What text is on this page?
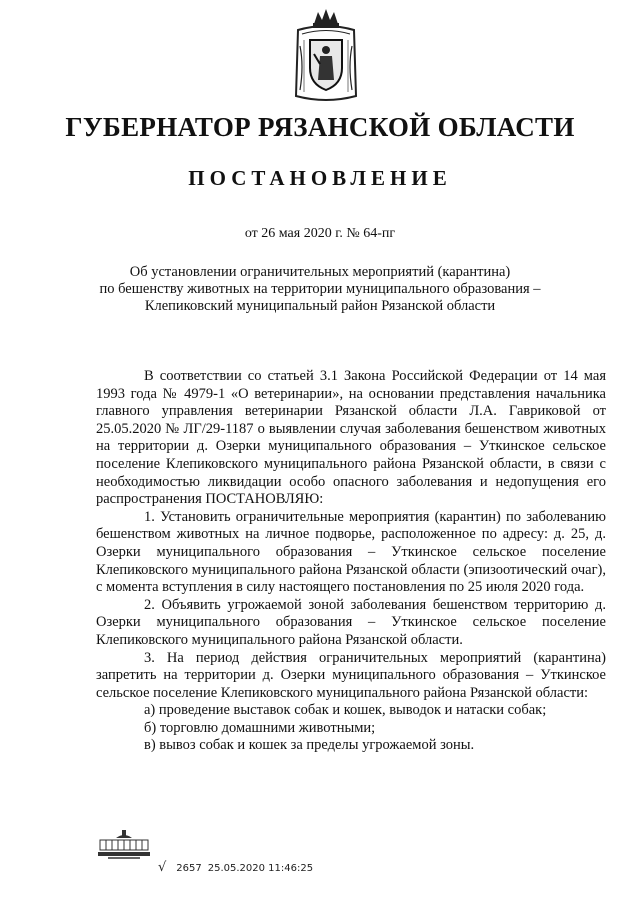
ГУБЕРНАТОР РЯЗАНСКОЙ ОБЛАСТИ
ПОСТАНОВЛЕНИЕ
от 26 мая 2020 г. № 64-пг
Об установлении ограничительных мероприятий (карантина)
по бешенству животных на территории муниципального образования –
Клепиковский муниципальный район Рязанской области

В соответствии со статьей 3.1 Закона Российской Федерации от 14 мая 1993 года № 4979-1 «О ветеринарии», на основании представления начальника главного управления ветеринарии Рязанской области Л.А. Гавриковой от 25.05.2020 № ЛГ/29-1187 о выявлении случая заболевания бешенством животных на территории д. Озерки муниципального образования – Уткинское сельское поселение Клепиковского муниципального района Рязанской области, в связи с необходимостью ликвидации особо опасного заболевания и недопущения его распространения ПОСТАНОВЛЯЮ:

1. Установить ограничительные мероприятия (карантин) по заболеванию бешенством животных на личное подворье, расположенное по адресу: д. 25, д. Озерки муниципального образования – Уткинское сельское поселение Клепиковского муниципального района Рязанской области (эпизоотический очаг), с момента вступления в силу настоящего постановления по 25 июля 2020 года.

2. Объявить угрожаемой зоной заболевания бешенством территорию д. Озерки муниципального образования – Уткинское сельское поселение Клепиковского муниципального района Рязанской области.

3. На период действия ограничительных мероприятий (карантина) запретить на территории д. Озерки муниципального образования – Уткинское сельское поселение Клепиковского муниципального района Рязанской области:

а) проведение выставок собак и кошек, выводок и натаски собак;

б) торговлю домашними животными;

в) вывоз собак и кошек за пределы угрожаемой зоны.

√ 2657 25.05.2020 11:46:25
